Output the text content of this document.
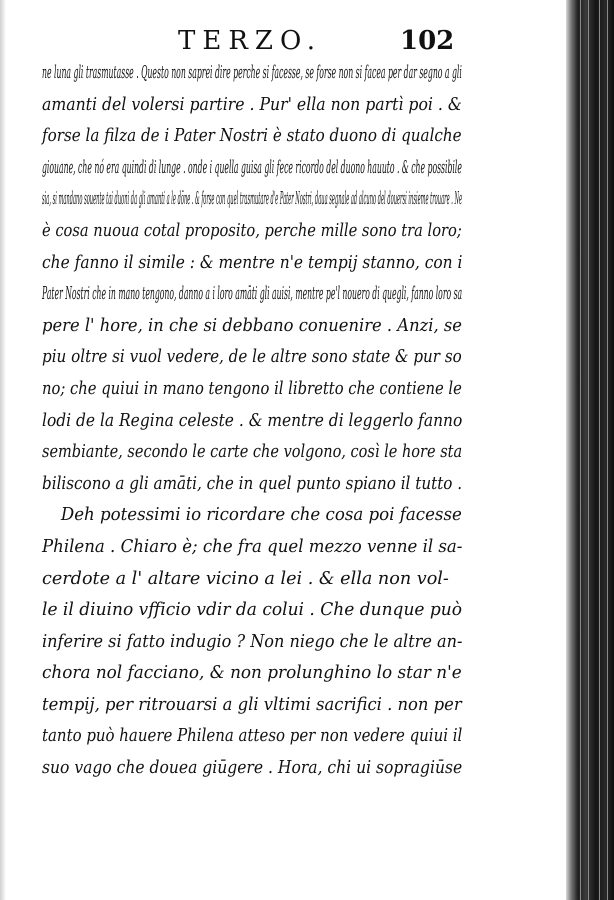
TERZO.	102
ne luna gli trasmutasse . Questo non saprei dire perche si facesse, se forse non si facea per dar segno a gli
amanti del volersi partire . Pur' ella non partì poi . &
forse la filza de i Pater Nostri è stato duono di qualche
giouane, che nó era quindi di lunge . onde i quella guisa gli fece ricordo del duono hauuto . & che possibile
sia, si mandano souente tai duoni da gli amanti a le dōne . & forse con quel trasmutare d'e Pater Nostri, daua segnale ad alcuno del douersi insieme trouare . Ne
è cosa nuoua cotal proposito, perche mille sono tra loro;
che fanno il simile : & mentre n'e tempij stanno, con i
Pater Nostri che in mano tengono, danno a i loro amāti gli auisi, mentre pe'l nouero di quegli, fanno loro sa
pere l' hore, in che si debbano conuenire . Anzi, se
piu oltre si vuol vedere, de le altre sono state & pur so
no; che quiui in mano tengono il libretto che contiene le
lodi de la Regina celeste . & mentre di leggerlo fanno
sembiante, secondo le carte che volgono, così le hore sta
biliscono a gli amāti, che in quel punto spiano il tutto .
Deh potessimi io ricordare che cosa poi facesse
Philena . Chiaro è; che fra quel mezzo venne il sa-
cerdote a l' altare vicino a lei . & ella non vol-
le il diuino vfficio vdir da colui . Che dunque può
inferire si fatto indugio ? Non niego che le altre an-
chora nol facciano, & non prolunghino lo star n'e
tempij, per ritrouarsi a gli vltimi sacrifici . non per
tanto può hauere Philena atteso per non vedere quiui il
suo vago che douea giūgere . Hora, chi ui sopragiūse
